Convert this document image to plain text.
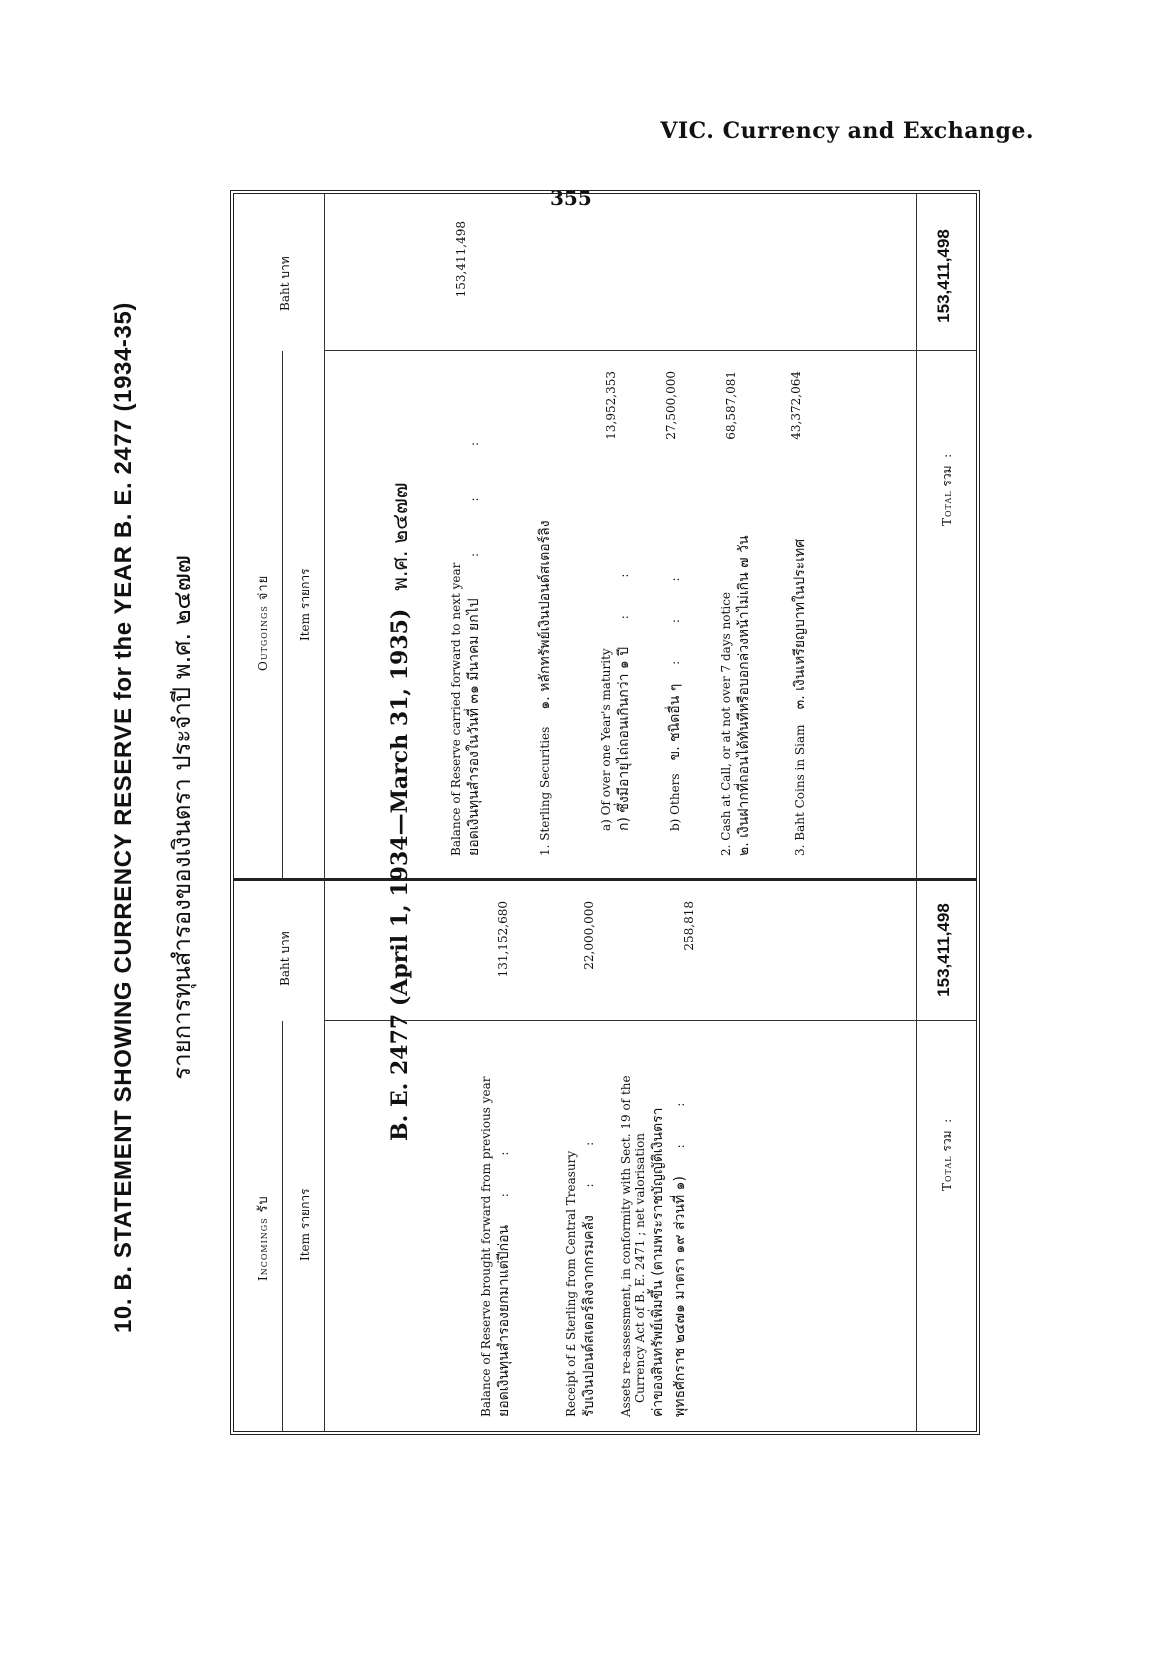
VIC. Currency and Exchange.
355
10. B. STATEMENT SHOWING CURRENCY RESERVE for the YEAR B. E. 2477 (1934-35) รายการทุนสำรองของเงินตรา ประจำปี พ.ศ. ๒๔๗๗
Incomings รับ
Item รายการ
Baht บาท
Outgoings จ่าย
Item รายการ
Baht บาท
B. E. 2477 (April 1, 1934—March 31, 1935) พ.ศ. ๒๔๗๗
Balance of Reserve brought forward from previous year ยอดเงินทุนสำรองยกมาแต่ปีก่อน  :  :
131,152,680
Receipt of £ Sterling from Central Treasury รับเงินปอนด์สเตอร์ลิงจากกรมคลัง  :  :
22,000,000
Assets re-assessment, in conformity with Sect. 19 of the Currency Act of B. E. 2471 ; net valorisation ค่าของสินทรัพย์เพิ่มขึ้น (ตามพระราชบัญญัติเงินตรา พุทธศักราช ๒๔๗๑ มาตรา ๑๙ ส่วนที่ ๑)  :  :
258,818
Total รวม  :
153,411,498
Balance of Reserve carried forward to next year ยอดเงินทุนสำรองในวันที่ ๓๑ มีนาคม ยกไป   :   :   :
153,411,498
1. Sterling Securities ๑. หลักทรัพย์เงินปอนด์สเตอร์ลิง
a) Of over one Year's maturity ก) ซึ่งมีอายุไถ่ถอนเกินกว่า ๑ ปี  :  :
13,952,353
b) Others ข. ชนิดอื่น ๆ  :  :  :
27,500,000
2. Cash at Call, or at not over 7 days notice ๒. เงินฝากที่ถอนได้ทันทีหรือบอกล่วงหน้าไม่เกิน ๗ วัน
68,587,081
3. Baht Coins in Siam ๓. เงินเหรียญบาทในประเทศ
43,372,064
Total รวม  :
153,411,498
